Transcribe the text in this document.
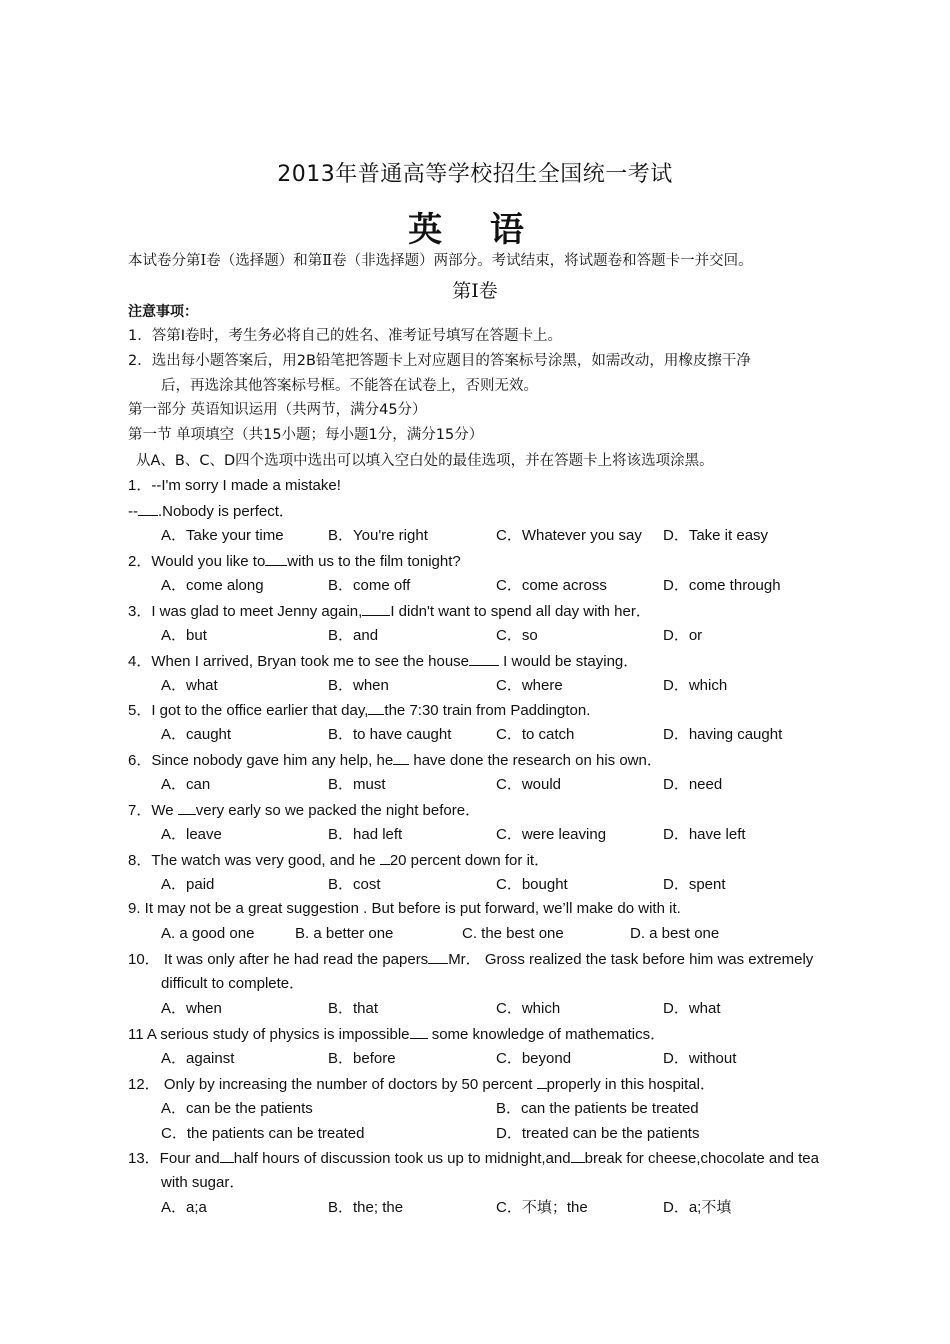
2013年普通高等学校招生全国统一考试
英 语
本试卷分第Ⅰ卷（选择题）和第Ⅱ卷（非选择题）两部分。考试结束，将试题卷和答题卡一并交回。
第Ⅰ卷
注意事项：
1．答第Ⅰ卷时，考生务必将自己的姓名、准考证号填写在答题卡上。
2．选出每小题答案后，用2B铅笔把答题卡上对应题目的答案标号涂黑，如需改动，用橡皮擦干净
后，再选涂其他答案标号框。不能答在试卷上，否则无效。
第一部分 英语知识运用（共两节，满分45分）
第一节 单项填空（共15小题；每小题1分，满分15分）
从A、B、C、D四个选项中选出可以填入空白处的最佳选项，并在答题卡上将该选项涂黑。
1．--I'm sorry I made a mistake!
-- .Nobody is perfect．
A．Take your time	B．You're right	C．Whatever you say D．Take it easy
2．Would you like to with us to the film tonight?
A．come along	B．come off	C．come across	D．come through
3．I was glad to meet Jenny again, I didn't want to spend all day with her．
A．but	B．and	C．so	D．or
4．When I arrived, Bryan took me to see the house I would be staying．
A．what	B．when	C．where	D．which
5．I got to the office earlier that day, the 7:30 train from Paddington.
A．caught	B．to have caught	C．to catch	D．having caught
6．Since nobody gave him any help, he have done the research on his own．
A．can	B．must	C．would	D．need
7．We very early so we packed the night before．
A．leave	B．had left	C．were leaving	D．have left
8．The watch was very good, and he 20 percent down for it．
A．paid	B．cost	C．bought	D．spent
9. It may not be a great suggestion . But before is put forward, we’ll make do with it.
A. a good one	B. a better one	C. the best one	D. a best one
10． It was only after he had read the papers Mr． Gross realized the task before him was extremely
difficult to complete．
A．when	B．that	C．which	D．what
11 A serious study of physics is impossible some knowledge of mathematics．
A．against	B．before	C．beyond	D．without
12． Only by increasing the number of doctors by 50 percent properly in this hospital．
A．can be the patients	B．can the patients be treated
C．the patients can be treated	D．treated can be the patients
13．Four and half hours of discussion took us up to midnight,and break for cheese,chocolate and tea
with sugar．
A．a;a	B．the; the	C．不填；the	D．a;不填
